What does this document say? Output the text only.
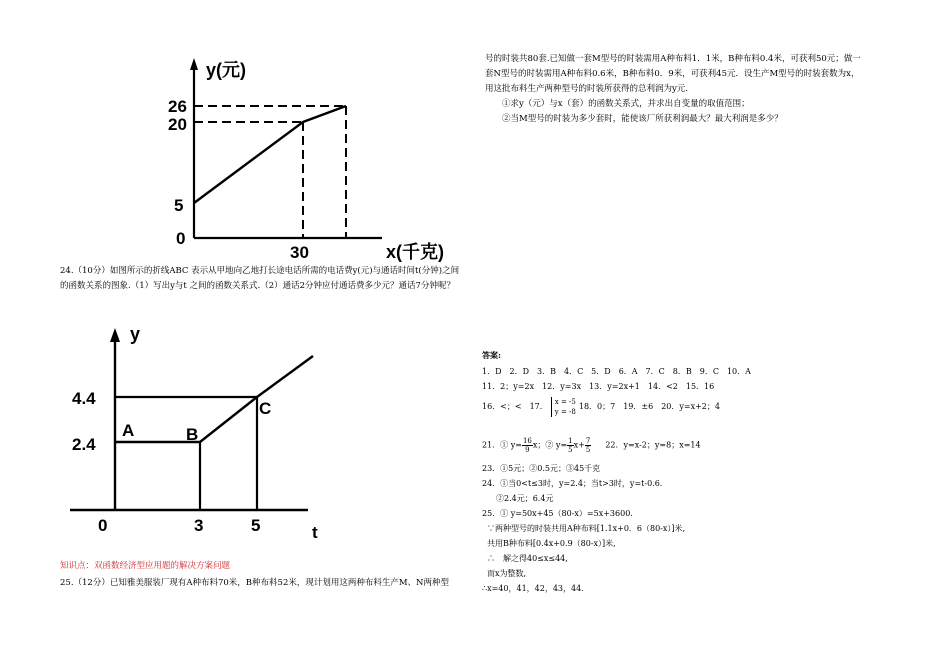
y(元)
26
20
5
0
30	x(千克)
24.（10分）如图所示的折线ABC 表示从甲地向乙地打长途电话所需的电话费y(元)与通话时间t(分钟)之间的函数关系的图象.（1）写出y与t 之间的函数关系式.（2）通话2分钟应付通话费多少元？通话7分钟呢？
y
4.4
2.4
A	B
C
0	3	5	t
知识点：双函数经济型应用题的解决方案问题
25.（12分）已知雅美服装厂现有A种布料70米，B种布料52米，现计划用这两种布料生产M、N两种型
号的时装共80套.已知做一套M型号的时装需用A种布料1．1米，B种布料0.4米，可获利50元；做一
套N型号的时装需用A种布料0.6米，B种布料0．9米，可获利45元．设生产M型号的时装套数为x，
用这批布料生产两种型号的时装所获得的总利润为y元.
①求y（元）与x（套）的函数关系式，并求出自变量的取值范围；
②当M型号的时装为多少套时，能使该厂所获利润最大？最大利润是多少？
答案:
1．D　2．D　3．B　4．C　5．D　6．A　7．C　8．B　9．C　10．A
11．2；y=2x　12．y=3x　13．y=2x+1　14．<2　15．16
16．<；<　17． x = -5
y = -8
18．0；7　19．±6　20．y=x+2；4
21．① $y= \frac{16}{9}$ x；② $y= \frac{1}{5} x+ \frac{7}{5} 22$．y=x-2；y=8；x=14
23．①5元；②0.5元；③45千克
24．①当0<t≤3时，y=2.4；当t>3时，y=t-0.6.
②2.4元；6.4元
25．① y=50x+45（80-x）=5x+3600.
∵两种型号的时装共用A种布料[1.1x+0．6（80-x）]米,
共用B种布料[0.4x+0.9（80-x）]米,
∴　解之得40≤x≤44,
而x为整数,
∴x=40，41，42，43，44.
